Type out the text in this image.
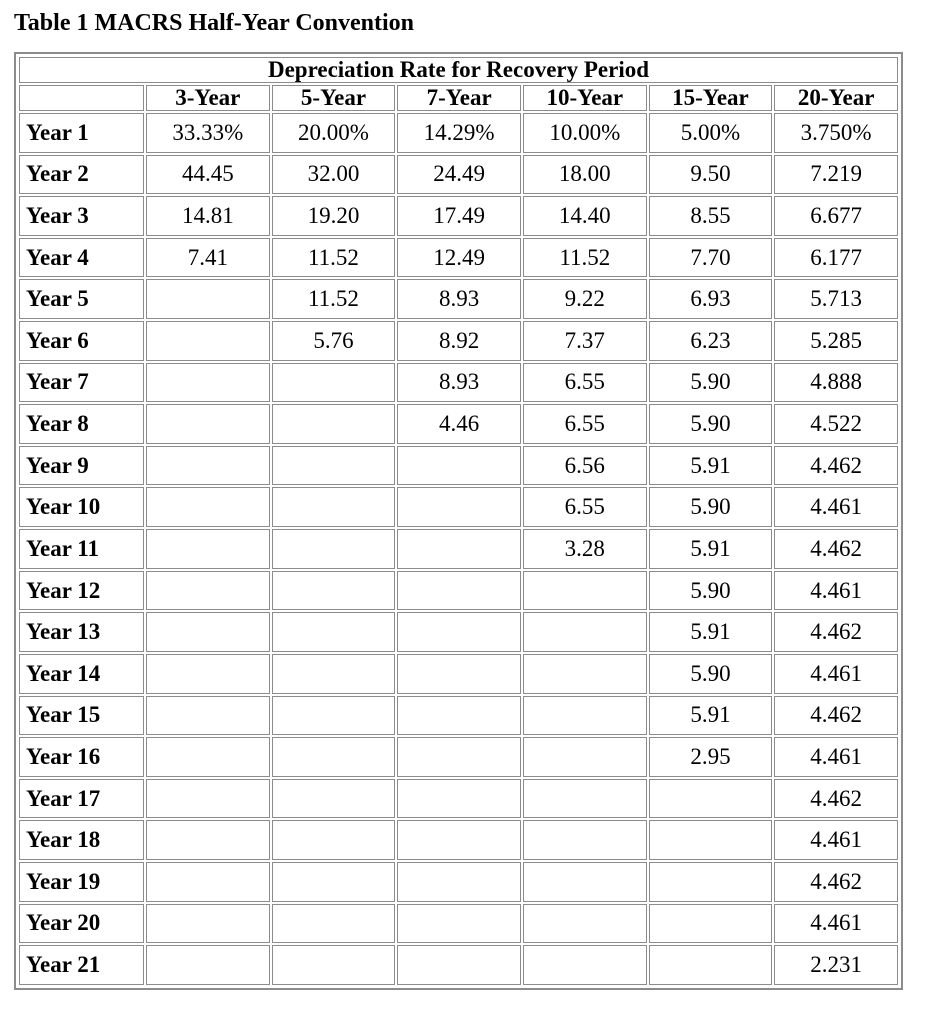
Table 1 MACRS Half-Year Convention
Depreciation Rate for Recovery Period						
	3-Year	5-Year	7-Year	10-Year	15-Year	20-Year
Year 1	33.33%	20.00%	14.29%	10.00%	5.00%	3.750%
Year 2	44.45	32.00	24.49	18.00	9.50	7.219
Year 3	14.81	19.20	17.49	14.40	8.55	6.677
Year 4	7.41	11.52	12.49	11.52	7.70	6.177
Year 5		11.52	8.93	9.22	6.93	5.713
Year 6		5.76	8.92	7.37	6.23	5.285
Year 7			8.93	6.55	5.90	4.888
Year 8			4.46	6.55	5.90	4.522
Year 9				6.56	5.91	4.462
Year 10				6.55	5.90	4.461
Year 11				3.28	5.91	4.462
Year 12					5.90	4.461
Year 13					5.91	4.462
Year 14					5.90	4.461
Year 15					5.91	4.462
Year 16					2.95	4.461
Year 17						4.462
Year 18						4.461
Year 19						4.462
Year 20						4.461
Year 21						2.231
